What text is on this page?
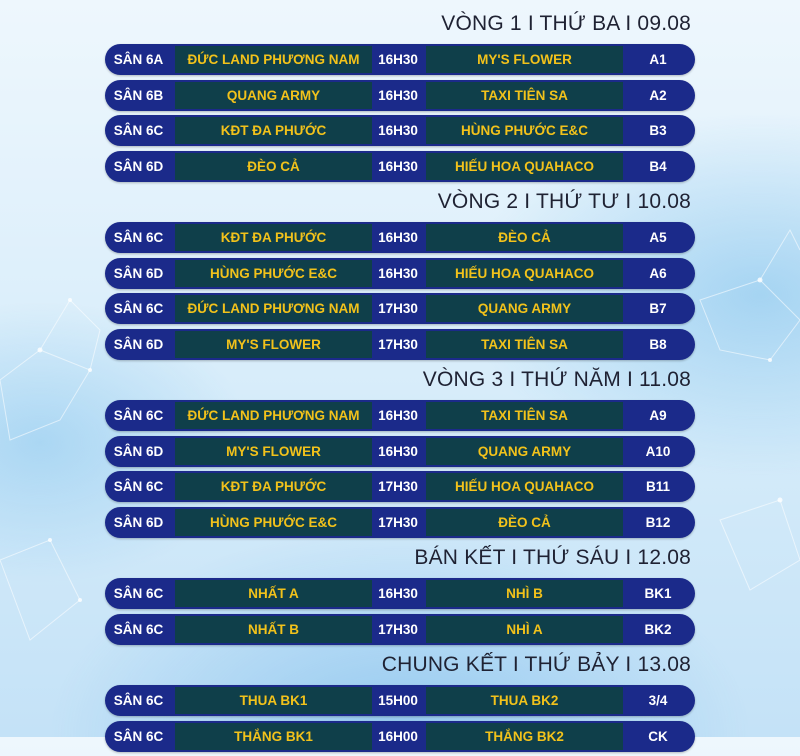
VÒNG 1 I THỨ BA I 09.08
SÂN 6A	ĐỨC LAND PHƯƠNG NAM	16H30	MY'S FLOWER	A1
SÂN 6B	QUANG ARMY	16H30	TAXI TIÊN SA	A2
SÂN 6C	KĐT ĐA PHƯỚC	16H30	HÙNG PHƯỚC E&C	B3
SÂN 6D	ĐÈO CẢ	16H30	HIẾU HOA QUAHACO	B4
VÒNG 2 I THỨ TƯ I 10.08
SÂN 6C	KĐT ĐA PHƯỚC	16H30	ĐÈO CẢ	A5
SÂN 6D	HÙNG PHƯỚC E&C	16H30	HIẾU HOA QUAHACO	A6
SÂN 6C	ĐỨC LAND PHƯƠNG NAM	17H30	QUANG ARMY	B7
SÂN 6D	MY'S FLOWER	17H30	TAXI TIÊN SA	B8
VÒNG 3 I THỨ NĂM I 11.08
SÂN 6C	ĐỨC LAND PHƯƠNG NAM	16H30	TAXI TIÊN SA	A9
SÂN 6D	MY'S FLOWER	16H30	QUANG ARMY	A10
SÂN 6C	KĐT ĐA PHƯỚC	17H30	HIẾU HOA QUAHACO	B11
SÂN 6D	HÙNG PHƯỚC E&C	17H30	ĐÈO CẢ	B12
BÁN KẾT I THỨ SÁU I 12.08
SÂN 6C	NHẤT A	16H30	NHÌ B	BK1
SÂN 6C	NHẤT B	17H30	NHÌ A	BK2
CHUNG KẾT I THỨ BẢY I 13.08
SÂN 6C	THUA BK1	15H00	THUA BK2	3/4
SÂN 6C	THẮNG BK1	16H00	THẮNG BK2	CK
